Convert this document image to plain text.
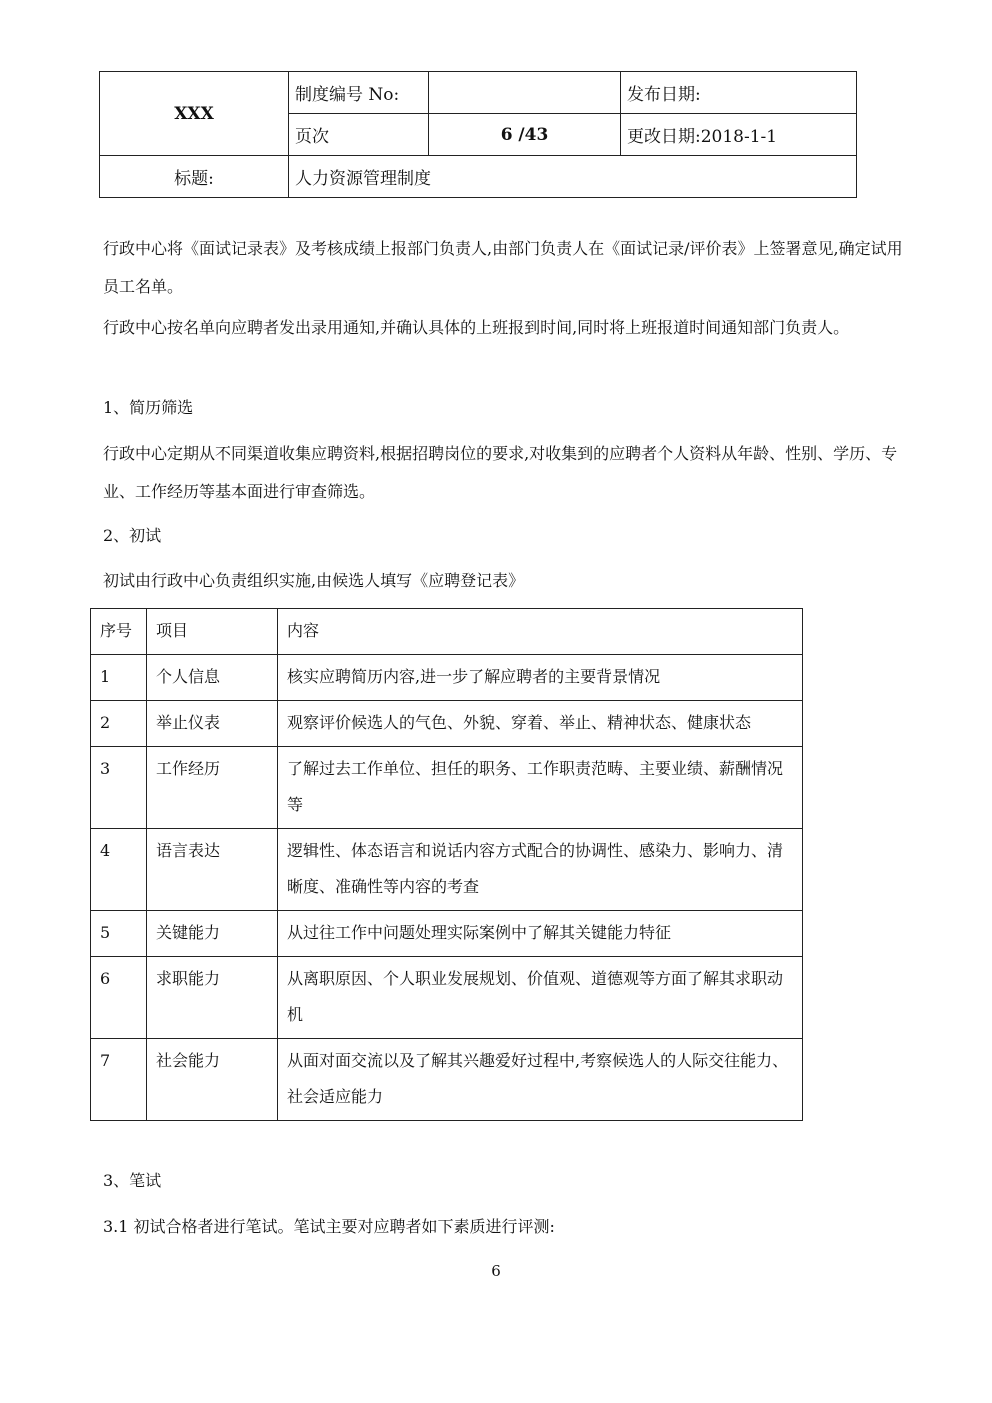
XXX	制度编号 No:		发布日期:
	页次	6 /43	更改日期:2018-1-1
标题:	人力资源管理制度		

行政中心将《面试记录表》及考核成绩上报部门负责人,由部门负责人在《面试记录/评价表》上签署意见,确定试用员工名单。

行政中心按名单向应聘者发出录用通知,并确认具体的上班报到时间,同时将上班报道时间通知部门负责人。

1、简历筛选

行政中心定期从不同渠道收集应聘资料,根据招聘岗位的要求,对收集到的应聘者个人资料从年龄、性别、学历、专业、工作经历等基本面进行审查筛选。

2、初试

初试由行政中心负责组织实施,由候选人填写《应聘登记表》

序号	项目	内容
1	个人信息	核实应聘简历内容,进一步了解应聘者的主要背景情况
2	举止仪表	观察评价候选人的气色、外貌、穿着、举止、精神状态、健康状态
3	工作经历	了解过去工作单位、担任的职务、工作职责范畴、主要业绩、薪酬情况等
4	语言表达	逻辑性、体态语言和说话内容方式配合的协调性、感染力、影响力、清晰度、准确性等内容的考查
5	关键能力	从过往工作中问题处理实际案例中了解其关键能力特征
6	求职能力	从离职原因、个人职业发展规划、价值观、道德观等方面了解其求职动机
7	社会能力	从面对面交流以及了解其兴趣爱好过程中,考察候选人的人际交往能力、社会适应能力

3、笔试

3.1 初试合格者进行笔试。笔试主要对应聘者如下素质进行评测:

6
